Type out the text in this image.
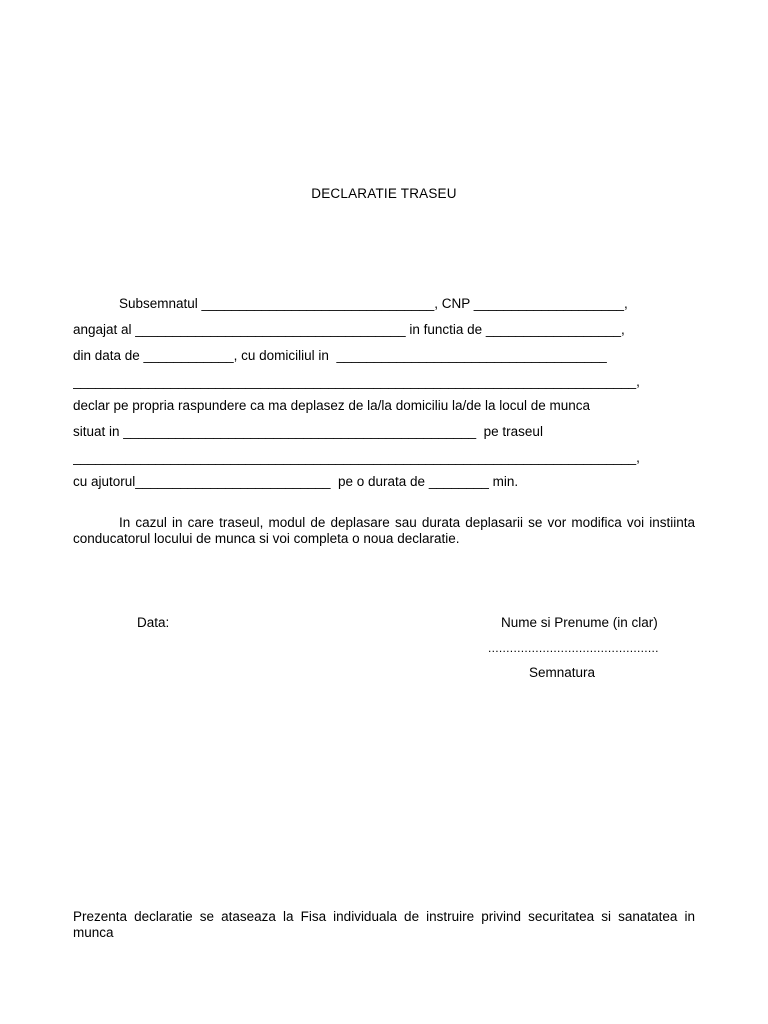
DECLARATIE TRASEU
Subsemnatul _______________________________, CNP ____________________,
angajat al ____________________________________ in functia de __________________,
din data de ____________, cu domiciliul in  ____________________________________
___________________________________________________________________________,
declar pe propria raspundere ca ma deplasez de la/la domiciliu la/de la locul de munca
situat in _______________________________________________  pe traseul
___________________________________________________________________________,
cu ajutorul__________________________  pe o durata de ________ min.
In cazul in care traseul, modul de deplasare sau durata deplasarii se vor modifica voi instiinta conducatorul locului de munca si voi completa o noua declaratie.
Data:	Nume si Prenume (in clar)
...............................................
Semnatura
Prezenta declaratie se ataseaza la Fisa individuala de instruire privind securitatea si sanatatea in munca
